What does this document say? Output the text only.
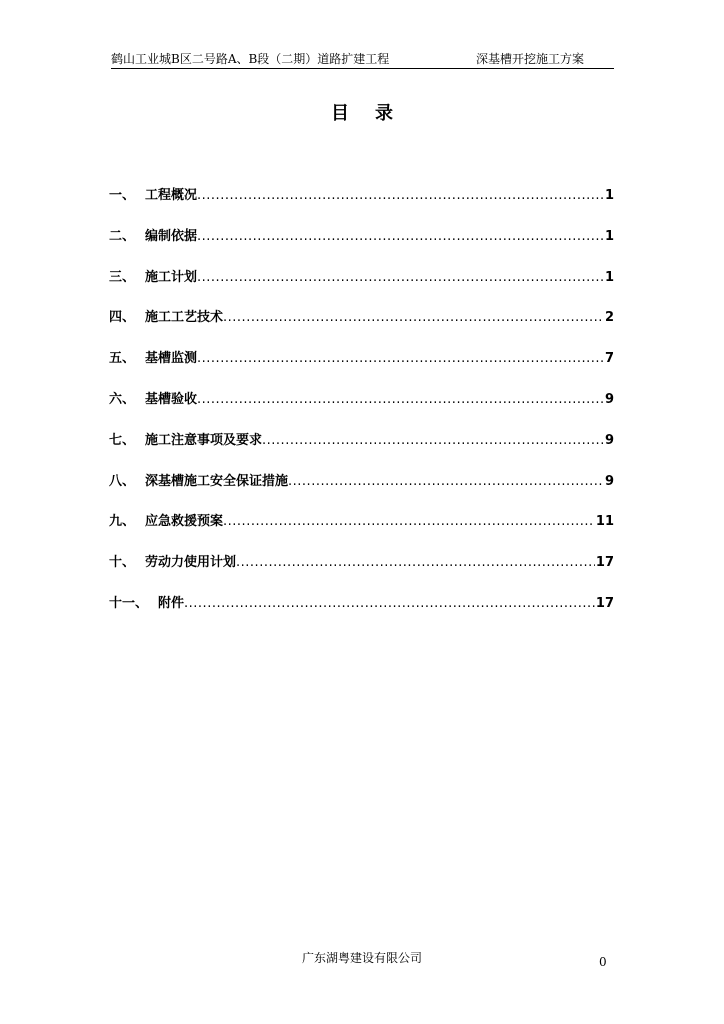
鹤山工业城B区二号路A、B段（二期）道路扩建工程	深基槽开挖施工方案
目录
一、 工程概况 .....	1
二、 编制依据 .....	1
三、 施工计划 .....	1
四、 施工工艺技术 .....	2
五、 基槽监测 .....	7
六、 基槽验收 .....	9
七、 施工注意事项及要求 .....	9
八、 深基槽施工安全保证措施 .....	9
九、 应急救援预案 .....	11
十、 劳动力使用计划 .....	17
十一、 附件 .....	17
广东湖粤建设有限公司	0
